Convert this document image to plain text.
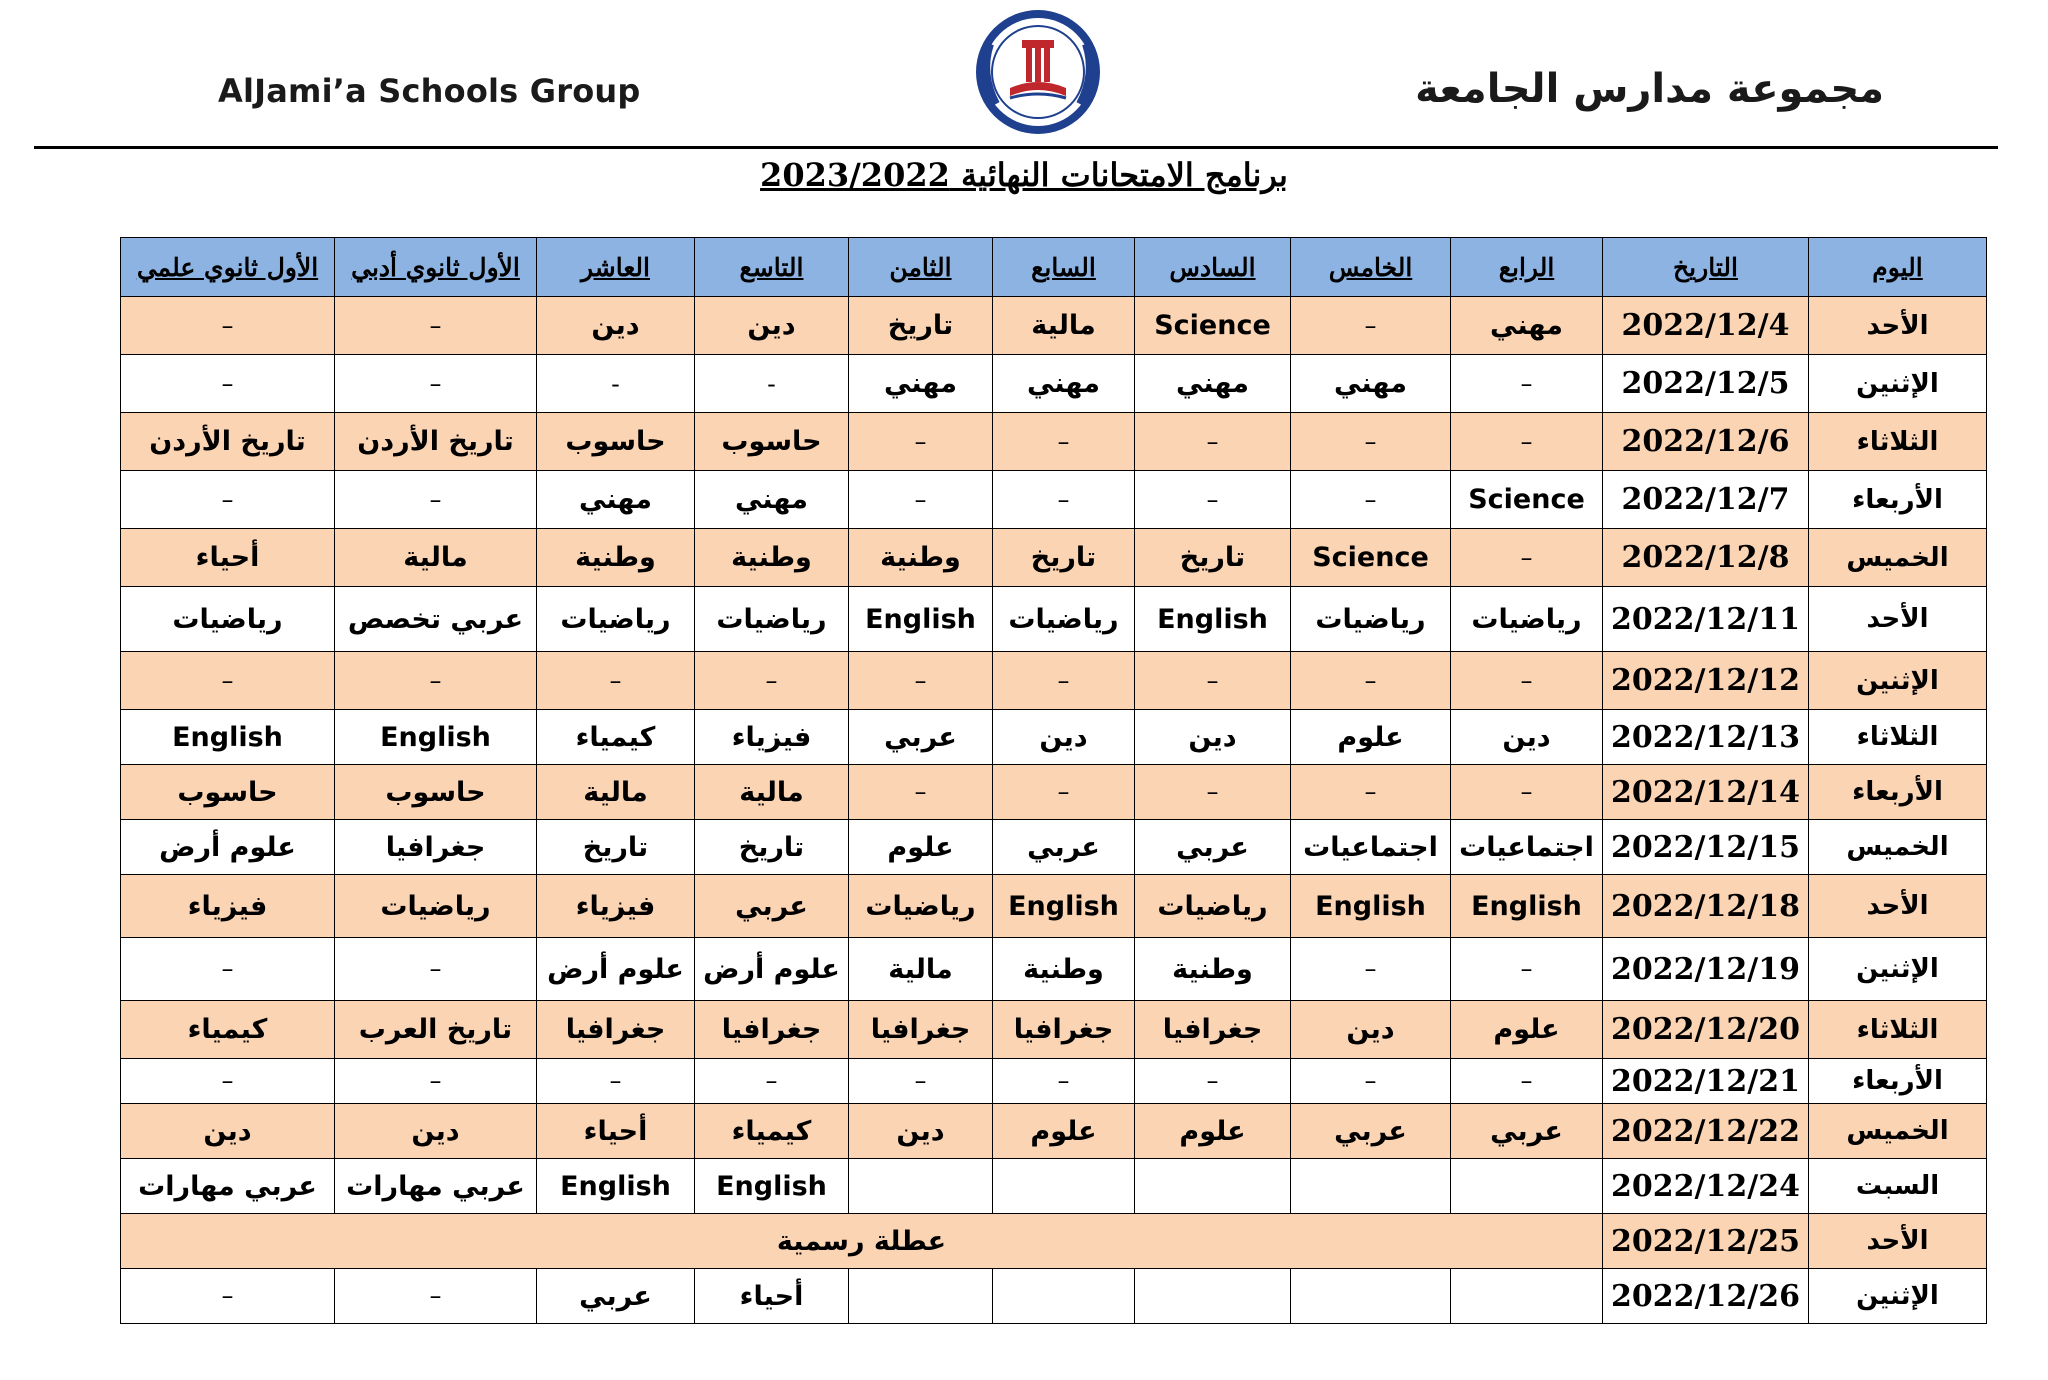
AlJami’a Schools Group	مجموعة مدارس الجامعة
برنامج الامتحانات النهائية 2023/2022
اليوم	التاريخ	الرابع	الخامس	السادس	السابع	الثامن	التاسع	العاشر	الأول ثانوي أدبي	الأول ثانوي علمي
الأحد	2022/12/4	مهني	–	Science	مالية	تاريخ	دين	دين	–	–
الإثنين	2022/12/5	–	مهني	مهني	مهني	مهني	-	-	–	–
الثلاثاء	2022/12/6	–	–	–	–	–	حاسوب	حاسوب	تاريخ الأردن	تاريخ الأردن
الأربعاء	2022/12/7	Science	–	–	–	–	مهني	مهني	–	–
الخميس	2022/12/8	–	Science	تاريخ	تاريخ	وطنية	وطنية	وطنية	مالية	أحياء
الأحد	2022/12/11	رياضيات	رياضيات	English	رياضيات	English	رياضيات	رياضيات	عربي تخصص	رياضيات
الإثنين	2022/12/12	–	–	–	–	–	–	–	–	–
الثلاثاء	2022/12/13	دين	علوم	دين	دين	عربي	فيزياء	كيمياء	English	English
الأربعاء	2022/12/14	–	–	–	–	–	مالية	مالية	حاسوب	حاسوب
الخميس	2022/12/15	اجتماعيات	اجتماعيات	عربي	عربي	علوم	تاريخ	تاريخ	جغرافيا	علوم أرض
الأحد	2022/12/18	English	English	رياضيات	English	رياضيات	عربي	فيزياء	رياضيات	فيزياء
الإثنين	2022/12/19	–	–	وطنية	وطنية	مالية	علوم أرض	علوم أرض	–	–
الثلاثاء	2022/12/20	علوم	دين	جغرافيا	جغرافيا	جغرافيا	جغرافيا	جغرافيا	تاريخ العرب	كيمياء
الأربعاء	2022/12/21	–	–	–	–	–	–	–	–	–
الخميس	2022/12/22	عربي	عربي	علوم	علوم	دين	كيمياء	أحياء	دين	دين
السبت	2022/12/24						English	English	عربي مهارات	عربي مهارات
الأحد	2022/12/25	عطلة رسمية								
الإثنين	2022/12/26						أحياء	عربي	–	–
